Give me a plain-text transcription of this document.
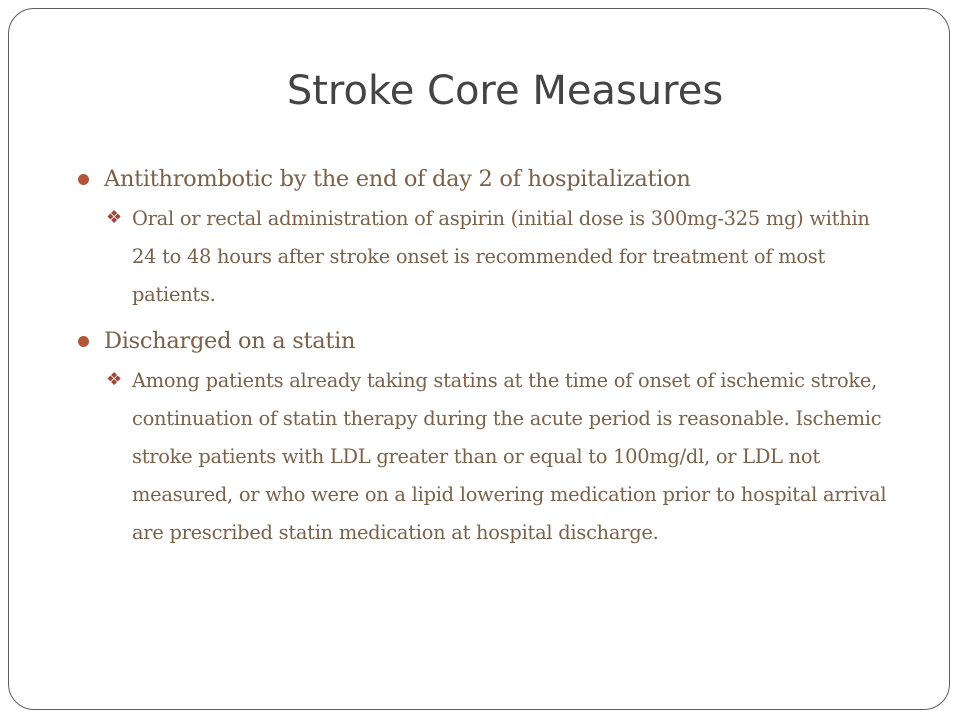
Stroke Core Measures
Antithrombotic by the end of day 2 of hospitalization
❖ Oral or rectal administration of aspirin (initial dose is 300mg-325 mg) within 24 to 48 hours after stroke onset is recommended for treatment of most patients.
Discharged on a statin
❖ Among patients already taking statins at the time of onset of ischemic stroke, continuation of statin therapy during the acute period is reasonable. Ischemic stroke patients with LDL greater than or equal to 100mg/dl, or LDL not measured, or who were on a lipid lowering medication prior to hospital arrival are prescribed statin medication at hospital discharge.
